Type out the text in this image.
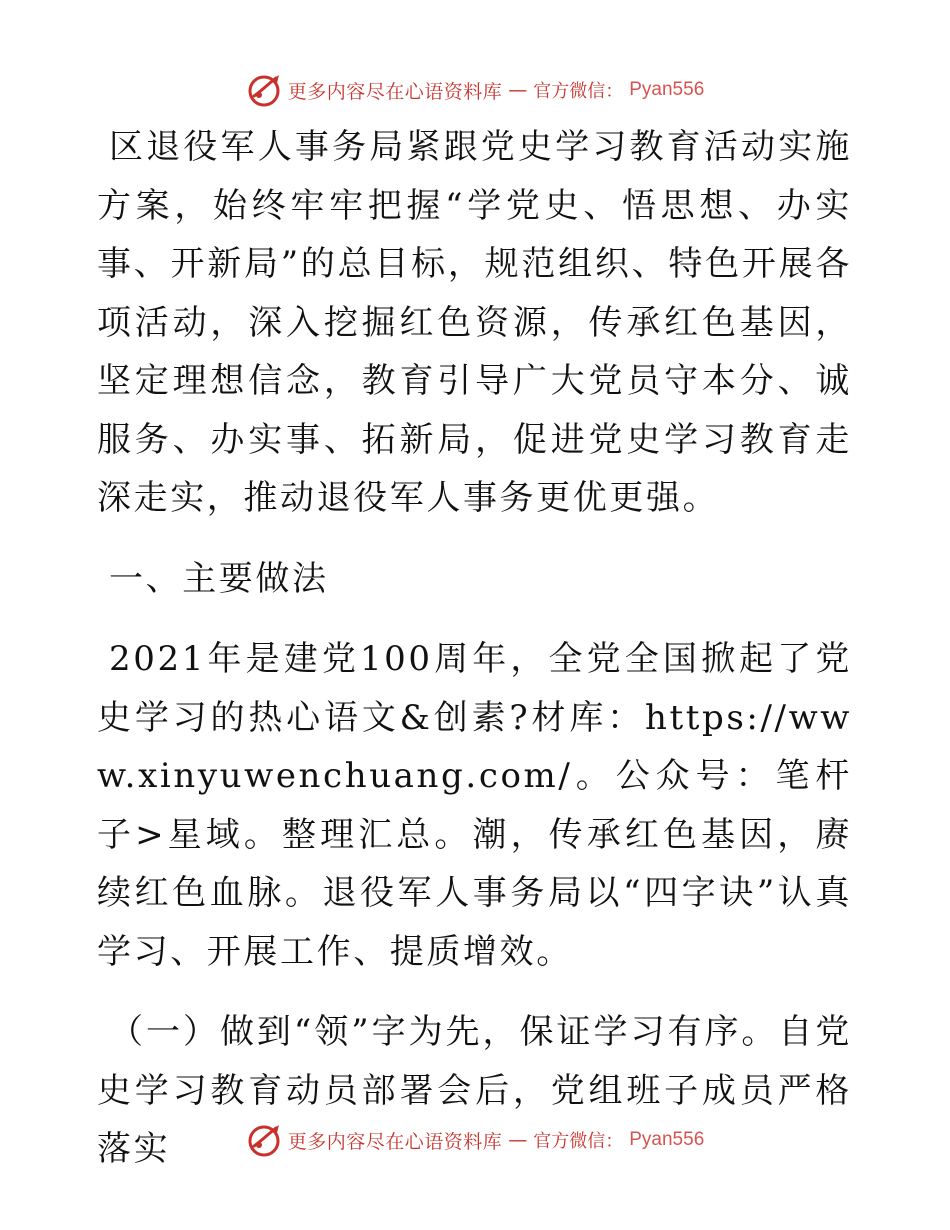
更多内容尽在心语资料库 — 官方微信： Pyan556

区退役军人事务局紧跟党史学习教育活动实施方案，始终牢牢把握“学党史、悟思想、办实事、开新局”的总目标，规范组织、特色开展各项活动，深入挖掘红色资源，传承红色基因，坚定理想信念，教育引导广大党员守本分、诚服务、办实事、拓新局，促进党史学习教育走深走实，推动退役军人事务更优更强。

一、主要做法

2021年是建党100周年，全党全国掀起了党史学习的热心语文&创素?材库：https://www.xinyuwenchuang.com/。公众号：笔杆子>星域。整理汇总。潮，传承红色基因，赓续红色血脉。退役军人事务局以“四字诀”认真学习、开展工作、提质增效。

（一）做到“领”字为先，保证学习有序。自党史学习教育动员部署会后，党组班子成员严格落实	更多内容尽在心语资料库 — 官方微信： Pyan556
